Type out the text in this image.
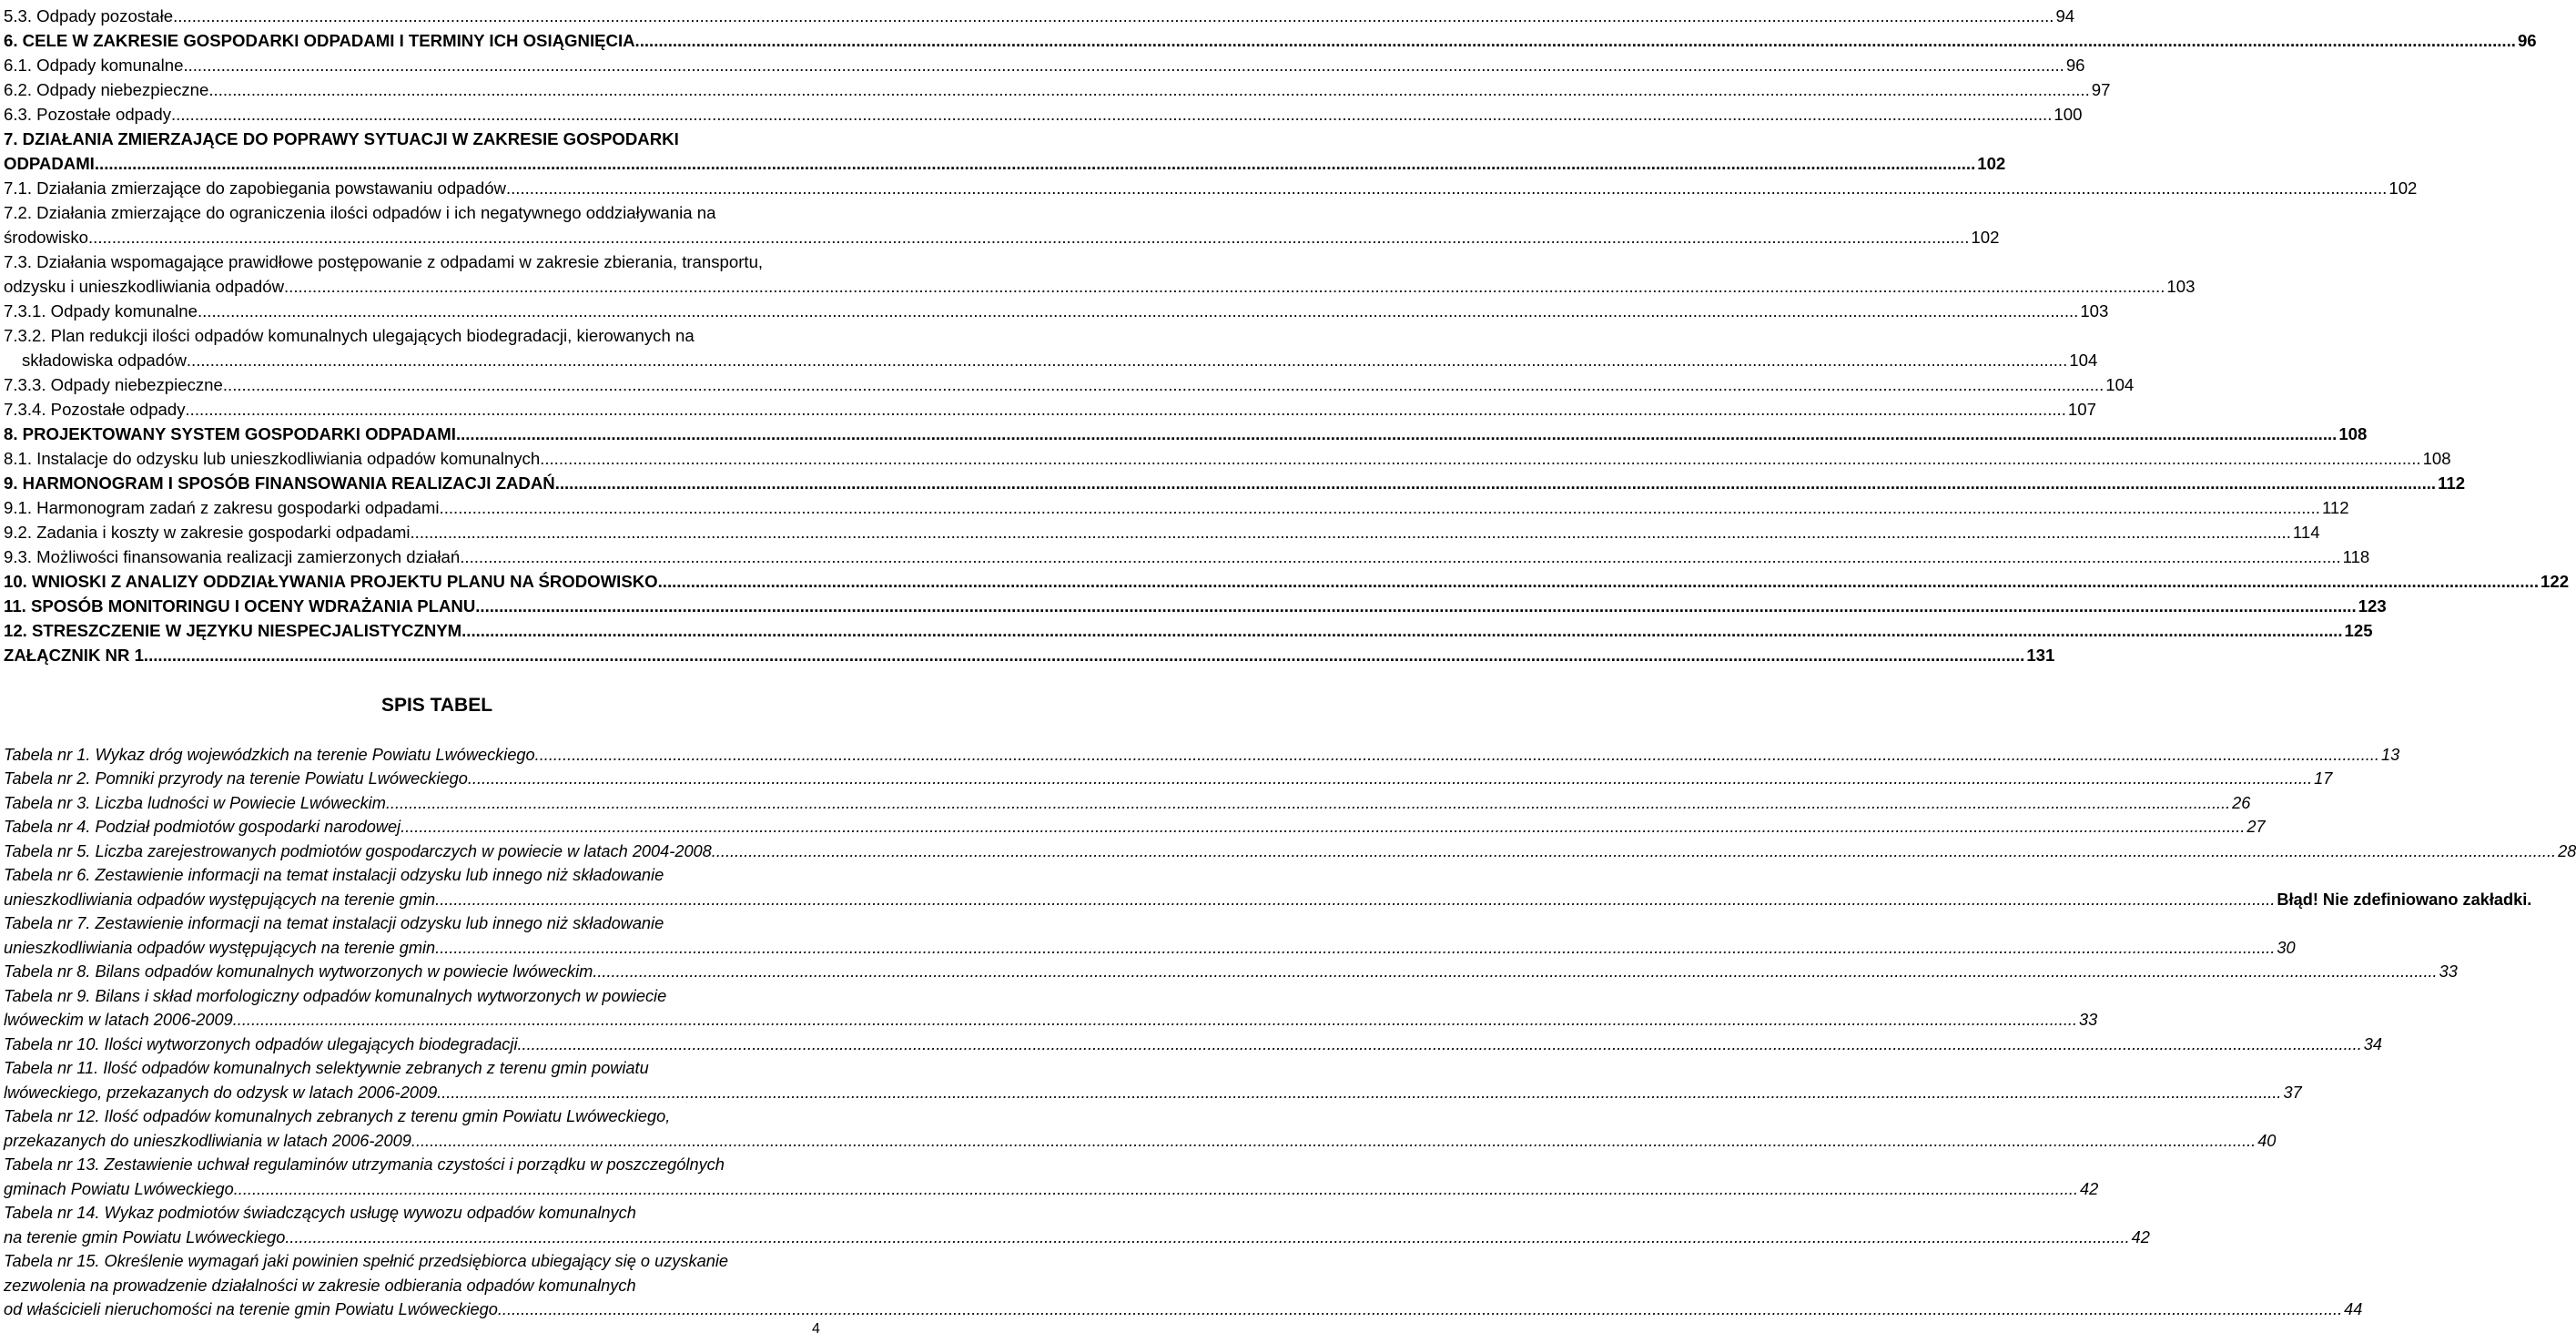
5.3. Odpady pozostałe ................................................................................................................................................................................................................................................................................................................................................................................................................ 94
6. CELE W ZAKRESIE GOSPODARKI ODPADAMI I TERMINY ICH OSIĄGNIĘCIA ................................................................................................................................................................................................................................................................................................................................................................................................................ 96
6.1. Odpady komunalne ................................................................................................................................................................................................................................................................................................................................................................................................................ 96
6.2. Odpady niebezpieczne ................................................................................................................................................................................................................................................................................................................................................................................................................ 97
6.3. Pozostałe odpady ................................................................................................................................................................................................................................................................................................................................................................................................................ 100
7. DZIAŁANIA ZMIERZAJĄCE DO POPRAWY SYTUACJI W ZAKRESIE GOSPODARKI
ODPADAMI ................................................................................................................................................................................................................................................................................................................................................................................................................ 102
7.1. Działania zmierzające do zapobiegania powstawaniu odpadów ................................................................................................................................................................................................................................................................................................................................................................................................................ 102
7.2. Działania zmierzające do ograniczenia ilości odpadów i ich negatywnego oddziaływania na
środowisko ................................................................................................................................................................................................................................................................................................................................................................................................................ 102
7.3. Działania wspomagające prawidłowe postępowanie z odpadami w zakresie zbierania, transportu,
odzysku i unieszkodliwiania odpadów ................................................................................................................................................................................................................................................................................................................................................................................................................ 103
7.3.1. Odpady komunalne ................................................................................................................................................................................................................................................................................................................................................................................................................ 103
7.3.2. Plan redukcji ilości odpadów komunalnych ulegających biodegradacji, kierowanych na
składowiska odpadów ................................................................................................................................................................................................................................................................................................................................................................................................................ 104
7.3.3. Odpady niebezpieczne ................................................................................................................................................................................................................................................................................................................................................................................................................ 104
7.3.4. Pozostałe odpady ................................................................................................................................................................................................................................................................................................................................................................................................................ 107
8. PROJEKTOWANY SYSTEM GOSPODARKI ODPADAMI ................................................................................................................................................................................................................................................................................................................................................................................................................ 108
8.1. Instalacje do odzysku lub unieszkodliwiania odpadów komunalnych ................................................................................................................................................................................................................................................................................................................................................................................................................ 108
9. HARMONOGRAM I SPOSÓB FINANSOWANIA REALIZACJI ZADAŃ ................................................................................................................................................................................................................................................................................................................................................................................................................ 112
9.1. Harmonogram zadań z zakresu gospodarki odpadami ................................................................................................................................................................................................................................................................................................................................................................................................................ 112
9.2. Zadania i koszty w zakresie gospodarki odpadami ................................................................................................................................................................................................................................................................................................................................................................................................................ 114
9.3. Możliwości finansowania realizacji zamierzonych działań ................................................................................................................................................................................................................................................................................................................................................................................................................ 118
10. WNIOSKI Z ANALIZY ODDZIAŁYWANIA PROJEKTU PLANU NA ŚRODOWISKO ................................................................................................................................................................................................................................................................................................................................................................................................................ 122
11. SPOSÓB MONITORINGU I OCENY WDRAŻANIA PLANU ................................................................................................................................................................................................................................................................................................................................................................................................................ 123
12. STRESZCZENIE W JĘZYKU NIESPECJALISTYCZNYM ................................................................................................................................................................................................................................................................................................................................................................................................................ 125
ZAŁĄCZNIK NR 1 ................................................................................................................................................................................................................................................................................................................................................................................................................ 131
SPIS TABEL
Tabela nr 1. Wykaz dróg wojewódzkich na terenie Powiatu Lwóweckiego. ................................................................................................................................................................................................................................................................................................................................................................................................................ 13
Tabela nr 2. Pomniki przyrody na terenie Powiatu Lwóweckiego. ................................................................................................................................................................................................................................................................................................................................................................................................................ 17
Tabela nr 3. Liczba ludności w Powiecie Lwóweckim. ................................................................................................................................................................................................................................................................................................................................................................................................................ 26
Tabela nr 4. Podział podmiotów gospodarki narodowej. ................................................................................................................................................................................................................................................................................................................................................................................................................ 27
Tabela nr 5. Liczba zarejestrowanych podmiotów gospodarczych w powiecie w latach 2004-2008. ................................................................................................................................................................................................................................................................................................................................................................................................................ 28
Tabela nr 6. Zestawienie informacji na temat instalacji odzysku lub innego niż składowanie
unieszkodliwiania odpadów występujących na terenie gmin ................................................................................................................................................................................................................................................................................................................................................................................................................ Błąd! Nie zdefiniowano zakładki.
Tabela nr 7. Zestawienie informacji na temat instalacji odzysku lub innego niż składowanie
unieszkodliwiania odpadów występujących na terenie gmin ................................................................................................................................................................................................................................................................................................................................................................................................................ 30
Tabela nr 8. Bilans odpadów komunalnych wytworzonych w powiecie lwóweckim. ................................................................................................................................................................................................................................................................................................................................................................................................................ 33
Tabela nr 9. Bilans i skład morfologiczny odpadów komunalnych wytworzonych w powiecie
lwóweckim w latach 2006-2009. ................................................................................................................................................................................................................................................................................................................................................................................................................ 33
Tabela nr 10. Ilości wytworzonych odpadów ulegających biodegradacji. ................................................................................................................................................................................................................................................................................................................................................................................................................ 34
Tabela nr 11. Ilość odpadów komunalnych selektywnie zebranych z terenu gmin powiatu
lwóweckiego, przekazanych do odzysk w latach 2006-2009. ................................................................................................................................................................................................................................................................................................................................................................................................................ 37
Tabela nr 12. Ilość odpadów komunalnych zebranych z terenu gmin Powiatu Lwóweckiego,
przekazanych do unieszkodliwiania w latach 2006-2009. ................................................................................................................................................................................................................................................................................................................................................................................................................ 40
Tabela nr 13. Zestawienie uchwał regulaminów utrzymania czystości i porządku w poszczególnych
gminach Powiatu Lwóweckiego. ................................................................................................................................................................................................................................................................................................................................................................................................................ 42
Tabela nr 14. Wykaz podmiotów świadczących usługę wywozu odpadów komunalnych
na terenie gmin Powiatu Lwóweckiego. ................................................................................................................................................................................................................................................................................................................................................................................................................ 42
Tabela nr 15. Określenie wymagań jaki powinien spełnić przedsiębiorca ubiegający się o uzyskanie
zezwolenia na prowadzenie działalności w zakresie odbierania odpadów komunalnych
od właścicieli nieruchomości na terenie gmin Powiatu Lwóweckiego. ................................................................................................................................................................................................................................................................................................................................................................................................................ 44
4
